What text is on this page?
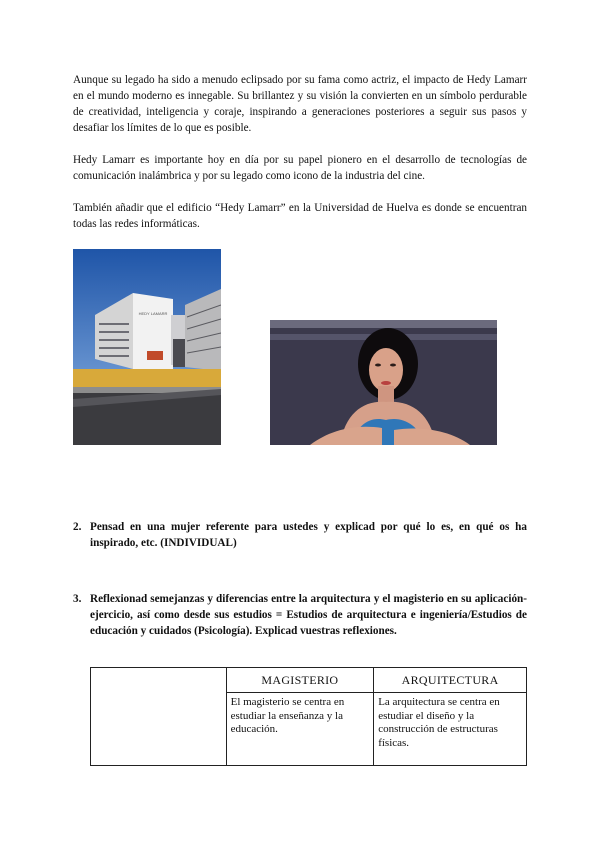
Aunque su legado ha sido a menudo eclipsado por su fama como actriz, el impacto de Hedy Lamarr en el mundo moderno es innegable. Su brillantez y su visión la convierten en un símbolo perdurable de creatividad, inteligencia y coraje, inspirando a generaciones posteriores a seguir sus pasos y desafiar los límites de lo que es posible.

Hedy Lamarr es importante hoy en día por su papel pionero en el desarrollo de tecnologías de comunicación inalámbrica y por su legado como icono de la industria del cine.

También añadir que el edificio “Hedy Lamarr” en la Universidad de Huelva es donde se encuentran todas las redes informáticas.

HEDY LAMARR
2. Pensad en una mujer referente para ustedes y explicad por qué lo es, en qué os ha inspirado, etc. (INDIVIDUAL)
3. Reflexionad semejanzas y diferencias entre la arquitectura y el magisterio en su aplicación-ejercicio, así como desde sus estudios = Estudios de arquitectura e ingeniería/Estudios de educación y cuidados (Psicología). Explicad vuestras reflexiones.
	MAGISTERIO	ARQUITECTURA
	El magisterio se centra en estudiar la enseñanza y la educación.	La arquitectura se centra en estudiar el diseño y la construcción de estructuras físicas.
